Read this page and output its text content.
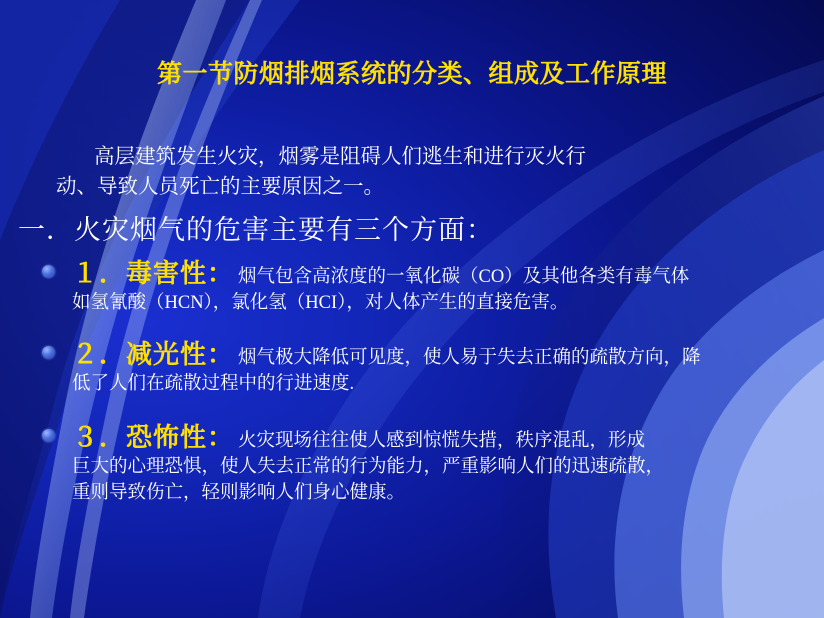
第一节防烟排烟系统的分类、组成及工作原理
高层建筑发生火灾，烟雾是阻碍人们逃生和进行灭火行
动、导致人员死亡的主要原因之一。
一．火灾烟气的危害主要有三个方面：
１．毒害性： 烟气包含高浓度的一氧化碳（CO）及其他各类有毒气体
如氢氰酸（HCN），氯化氢（HCI），对人体产生的直接危害。
２．减光性： 烟气极大降低可见度，使人易于失去正确的疏散方向，降
低了人们在疏散过程中的行进速度.
３．恐怖性： 火灾现场往往使人感到惊慌失措，秩序混乱，形成
巨大的心理恐惧，使人失去正常的行为能力，严重影响人们的迅速疏散，
重则导致伤亡，轻则影响人们身心健康。
